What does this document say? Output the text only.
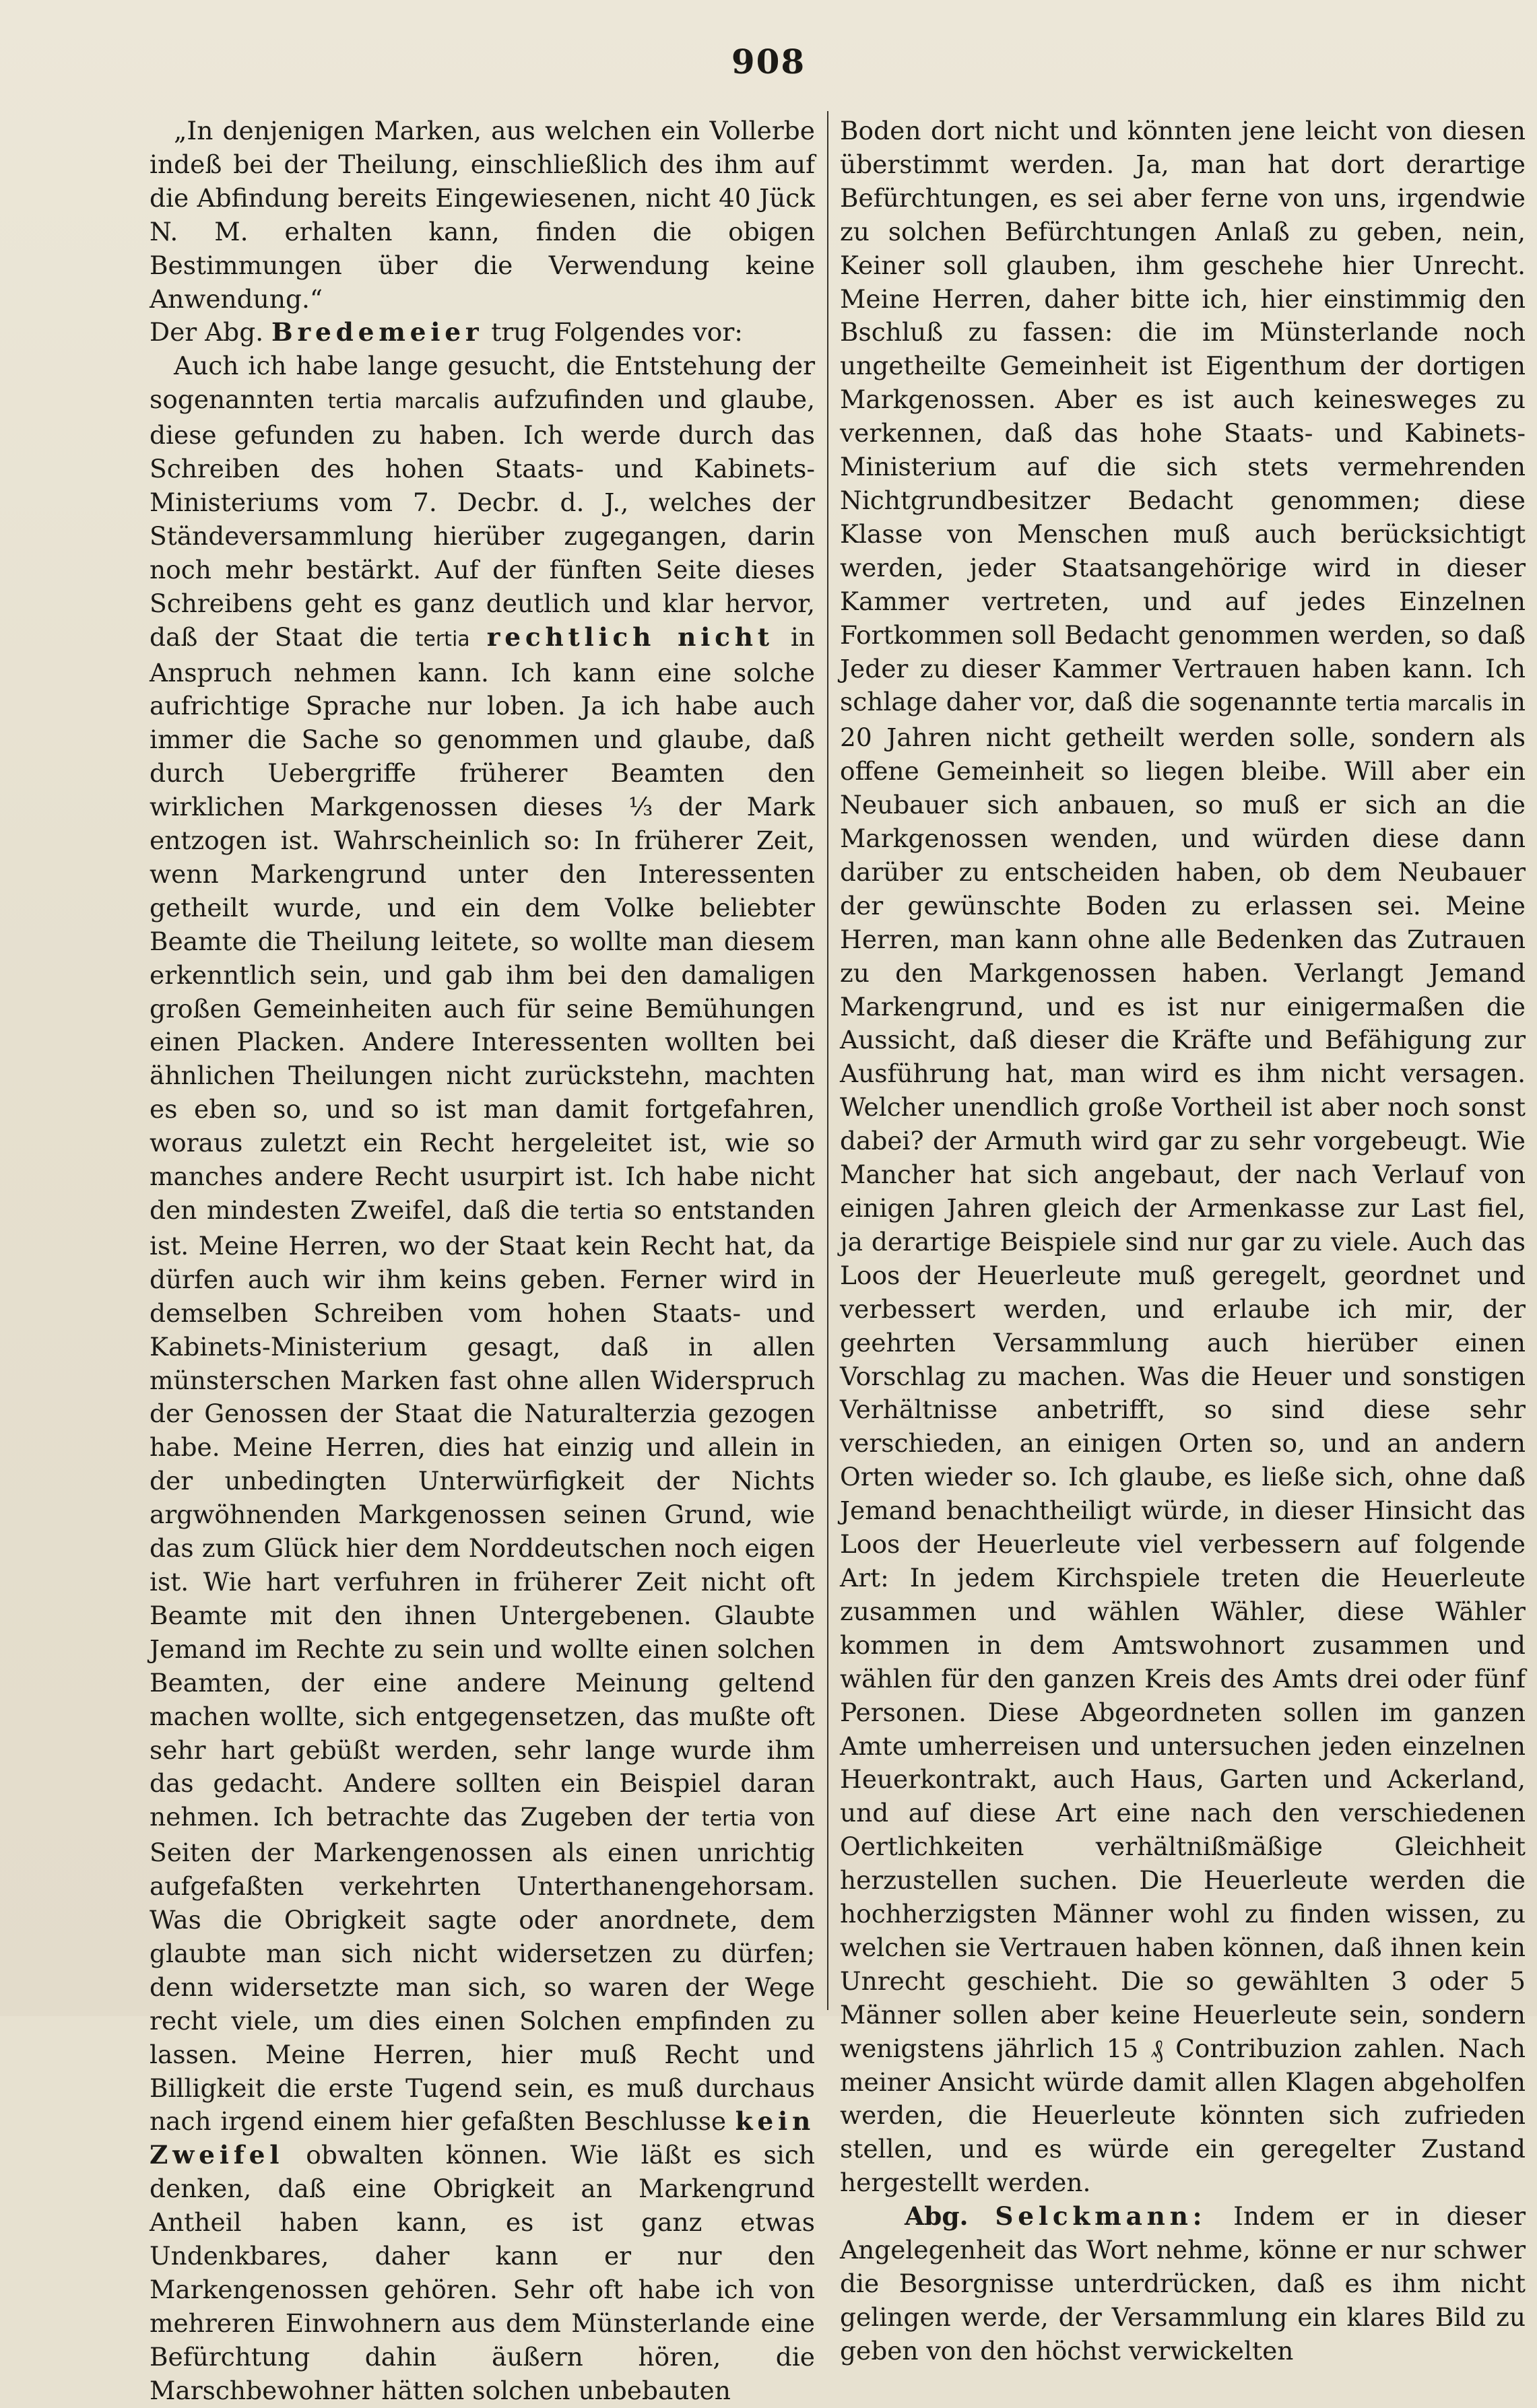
908

„In denjenigen Marken, aus welchen ein Vollerbe indeß bei der Theilung, einschließlich des ihm auf die Abfindung bereits Eingewiesenen, nicht 40 Jück N. M. erhalten kann, finden die obigen Bestimmungen über die Verwendung keine Anwendung.“

Der Abg. Bredemeier trug Folgendes vor:

Auch ich habe lange gesucht, die Entstehung der sogenannten tertia marcalis aufzufinden und glaube, diese gefunden zu haben. Ich werde durch das Schreiben des hohen Staats- und Kabinets-Ministeriums vom 7. Decbr. d. J., welches der Ständeversammlung hierüber zugegangen, darin noch mehr bestärkt. Auf der fünften Seite dieses Schreibens geht es ganz deutlich und klar hervor, daß der Staat die tertia rechtlich nicht in Anspruch nehmen kann. Ich kann eine solche aufrichtige Sprache nur loben. Ja ich habe auch immer die Sache so genommen und glaube, daß durch Uebergriffe früherer Beamten den wirklichen Markgenossen dieses ⅓ der Mark entzogen ist. Wahrscheinlich so: In früherer Zeit, wenn Markengrund unter den Interessenten getheilt wurde, und ein dem Volke beliebter Beamte die Theilung leitete, so wollte man diesem erkenntlich sein, und gab ihm bei den damaligen großen Gemeinheiten auch für seine Bemühungen einen Placken. Andere Interessenten wollten bei ähnlichen Theilungen nicht zurückstehn, machten es eben so, und so ist man damit fortgefahren, woraus zuletzt ein Recht hergeleitet ist, wie so manches andere Recht usurpirt ist. Ich habe nicht den mindesten Zweifel, daß die tertia so entstanden ist. Meine Herren, wo der Staat kein Recht hat, da dürfen auch wir ihm keins geben. Ferner wird in demselben Schreiben vom hohen Staats- und Kabinets-Ministerium gesagt, daß in allen münsterschen Marken fast ohne allen Widerspruch der Genossen der Staat die Naturalterzia gezogen habe. Meine Herren, dies hat einzig und allein in der unbedingten Unterwürfigkeit der Nichts argwöhnenden Markgenossen seinen Grund, wie das zum Glück hier dem Norddeutschen noch eigen ist. Wie hart verfuhren in früherer Zeit nicht oft Beamte mit den ihnen Untergebenen. Glaubte Jemand im Rechte zu sein und wollte einen solchen Beamten, der eine andere Meinung geltend machen wollte, sich entgegensetzen, das mußte oft sehr hart gebüßt werden, sehr lange wurde ihm das gedacht. Andere sollten ein Beispiel daran nehmen. Ich betrachte das Zugeben der tertia von Seiten der Markengenossen als einen unrichtig aufgefaßten verkehrten Unterthanengehorsam. Was die Obrigkeit sagte oder anordnete, dem glaubte man sich nicht widersetzen zu dürfen; denn widersetzte man sich, so waren der Wege recht viele, um dies einen Solchen empfinden zu lassen. Meine Herren, hier muß Recht und Billigkeit die erste Tugend sein, es muß durchaus nach irgend einem hier gefaßten Beschlusse kein Zweifel obwalten können. Wie läßt es sich denken, daß eine Obrigkeit an Markengrund Antheil haben kann, es ist ganz etwas Undenkbares, daher kann er nur den Markengenossen gehören. Sehr oft habe ich von mehreren Einwohnern aus dem Münsterlande eine Befürchtung dahin äußern hören, die Marschbewohner hätten solchen unbebauten

Boden dort nicht und könnten jene leicht von diesen überstimmt werden. Ja, man hat dort derartige Befürchtungen, es sei aber ferne von uns, irgendwie zu solchen Befürchtungen Anlaß zu geben, nein, Keiner soll glauben, ihm geschehe hier Unrecht. Meine Herren, daher bitte ich, hier einstimmig den Bschluß zu fassen: die im Münsterlande noch ungetheilte Gemeinheit ist Eigenthum der dortigen Markgenossen. Aber es ist auch keinesweges zu verkennen, daß das hohe Staats- und Kabinets-Ministerium auf die sich stets vermehrenden Nichtgrundbesitzer Bedacht genommen; diese Klasse von Menschen muß auch berücksichtigt werden, jeder Staatsangehörige wird in dieser Kammer vertreten, und auf jedes Einzelnen Fortkommen soll Bedacht genommen werden, so daß Jeder zu dieser Kammer Vertrauen haben kann. Ich schlage daher vor, daß die sogenannte tertia marcalis in 20 Jahren nicht getheilt werden solle, sondern als offene Gemeinheit so liegen bleibe. Will aber ein Neubauer sich anbauen, so muß er sich an die Markgenossen wenden, und würden diese dann darüber zu entscheiden haben, ob dem Neubauer der gewünschte Boden zu erlassen sei. Meine Herren, man kann ohne alle Bedenken das Zutrauen zu den Markgenossen haben. Verlangt Jemand Markengrund, und es ist nur einigermaßen die Aussicht, daß dieser die Kräfte und Befähigung zur Ausführung hat, man wird es ihm nicht versagen. Welcher unendlich große Vortheil ist aber noch sonst dabei? der Armuth wird gar zu sehr vorgebeugt. Wie Mancher hat sich angebaut, der nach Verlauf von einigen Jahren gleich der Armenkasse zur Last fiel, ja derartige Beispiele sind nur gar zu viele. Auch das Loos der Heuerleute muß geregelt, geordnet und verbessert werden, und erlaube ich mir, der geehrten Versammlung auch hierüber einen Vorschlag zu machen. Was die Heuer und sonstigen Verhältnisse anbetrifft, so sind diese sehr verschieden, an einigen Orten so, und an andern Orten wieder so. Ich glaube, es ließe sich, ohne daß Jemand benachtheiligt würde, in dieser Hinsicht das Loos der Heuerleute viel verbessern auf folgende Art: In jedem Kirchspiele treten die Heuerleute zusammen und wählen Wähler, diese Wähler kommen in dem Amtswohnort zusammen und wählen für den ganzen Kreis des Amts drei oder fünf Personen. Diese Abgeordneten sollen im ganzen Amte umherreisen und untersuchen jeden einzelnen Heuerkontrakt, auch Haus, Garten und Ackerland, und auf diese Art eine nach den verschiedenen Oertlichkeiten verhältnißmäßige Gleichheit herzustellen suchen. Die Heuerleute werden die hochherzigsten Männer wohl zu finden wissen, zu welchen sie Vertrauen haben können, daß ihnen kein Unrecht geschieht. Die so gewählten 3 oder 5 Männer sollen aber keine Heuerleute sein, sondern wenigstens jährlich 15 ₰ Contribuzion zahlen. Nach meiner Ansicht würde damit allen Klagen abgeholfen werden, die Heuerleute könnten sich zufrieden stellen, und es würde ein geregelter Zustand hergestellt werden.

Abg. Selckmann: Indem er in dieser Angelegenheit das Wort nehme, könne er nur schwer die Besorgnisse unterdrücken, daß es ihm nicht gelingen werde, der Versammlung ein klares Bild zu geben von den höchst verwickelten
